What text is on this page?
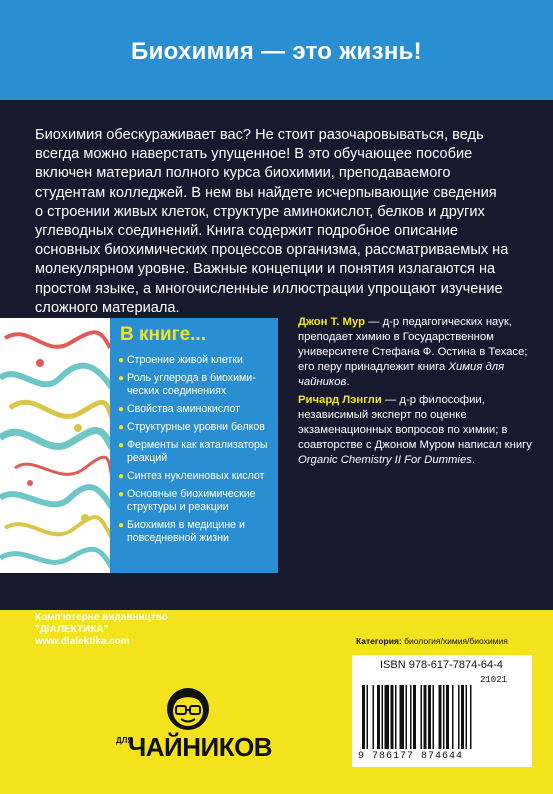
Биохимия — это жизнь!

Биохимия обескураживает вас? Не стоит разочаровываться, ведь

всегда можно наверстать упущенное! В это обучающее пособие

включен материал полного курса биохимии, преподаваемого

студентам колледжей. В нем вы найдете исчерпывающие сведения

о строении живых клеток, структуре аминокислот, белков и других

углеводных соединений. Книга содержит подробное описание

основных биохимическиx процессов организма, рассматриваемых на

молекулярном уровне. Важные концепции и понятия излагаются на

простом языке, а многочисленные иллюстрации упрощают изучение

сложного материала.

В книге...
● Строение живой клетки
● Роль углерода в биохими-ческих соединениях
● Свойства аминокислот
● Структурные уровни белков
● Ферменты как катализаторы реакций
● Синтез нуклеиновых кислот
● Основные биохимические структуры и реакции
● Биохимия в медицине и повседневной жизни

Джон Т. Мур — д-р педагогических наук, преподает химию в Государственном университете Стефана Ф. Остина в Техасе; его перу принадлежит книга Химия для чайников.

Ричард Лэнгли — д-р философии, независимый эксперт по оценке экзаменационных вопросов по химии; в соавторстве с Джоном Муром написал книгу Organic Chemistry II For Dummies.

Комп'ютерне видавництво
"ДІАЛЕКТИКА"
www.dialektika.com	Категория: биология/химия/биохимия
ISBN 978-617-7874-64-4
21021
9 786177 874644
ДЛЯ
ЧАЙНИКОВ
